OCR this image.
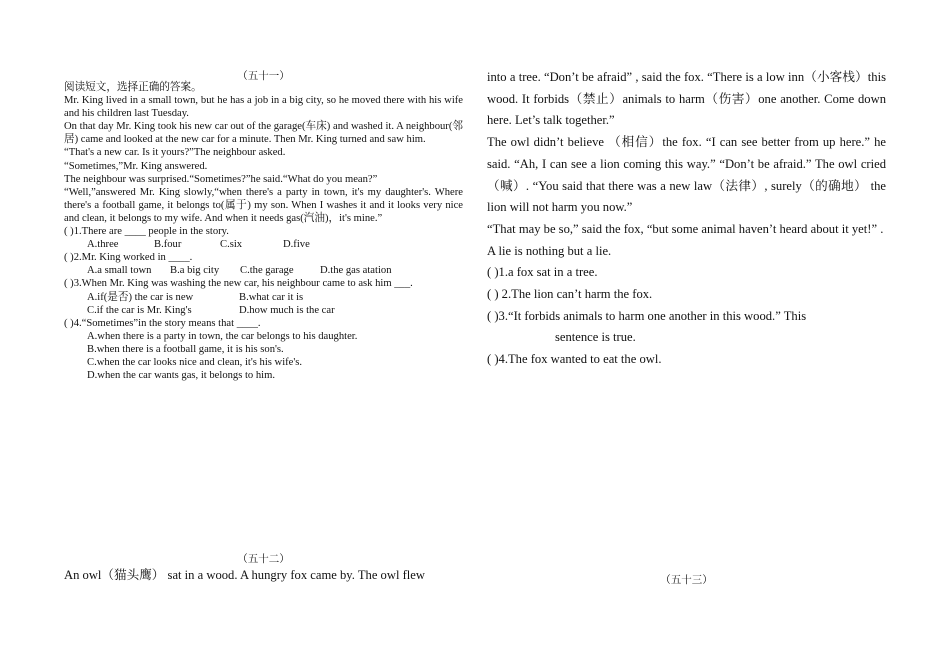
（五十一）

阅读短文，选择正确的答案。

Mr. King lived in a small town, but he has a job in a big city, so he moved there with his wife and his children last Tuesday.

On that day Mr. King took his new car out of the garage(车床) and washed it. A neighbour(邻居) came and looked at the new car for a minute. Then Mr. King turned and saw him.

“That's a new car. Is it yours?”The neighbour asked.

“Sometimes,”Mr. King answered.

The neighbour was surprised.“Sometimes?”he said.“What do you mean?”

“Well,”answered Mr. King slowly,“when there's a party in town, it's my daughter's. Where there's a football game, it belongs to(属于) my son. When I washes it and it looks very nice and clean, it belongs to my wife. And when it needs gas(汽油)，it's mine.”

( )1.There are ____ people in the story.

A.three	B.four	C.six	D.five

( )2.Mr. King worked in ____.

A.a small town B.a big city C.the garage D.the gas atation

( )3.When Mr. King was washing the new car, his neighbour came to ask him ___.

A.if(是否) the car is new	B.what car it is

C.if the car is Mr. King's	D.how much is the car

( )4.“Sometimes”in the story means that ____.

A.when there is a party in town, the car belongs to his daughter.

B.when there is a football game, it is his son's.

C.when the car looks nice and clean, it's his wife's.

D.when the car wants gas, it belongs to him.

（五十二）
An owl（猫头鹰） sat in a wood. A hungry fox came by. The owl flew

into a tree. “Don’t be afraid” , said the fox. “There is a low inn（小客栈）this wood. It forbids（禁止）animals to harm（伤害）one another. Come down here. Let’s talk together.”

The owl didn’t believe （相信）the fox. “I can see better from up here.” he said. “Ah, I can see a lion coming this way.” “Don’t be afraid.” The owl cried（喊）. “You said that there was a new law（法律）, surely（的确地） the lion will not harm you now.”

“That may be so,” said the fox, “but some animal haven’t heard about it yet!” .

A lie is nothing but a lie.

( )1.a fox sat in a tree.

( ) 2.The lion can’t harm the fox.

( )3.“It forbids animals to harm one another in this wood.” This

sentence is true.

( )4.The fox wanted to eat the owl.

（五十三）
